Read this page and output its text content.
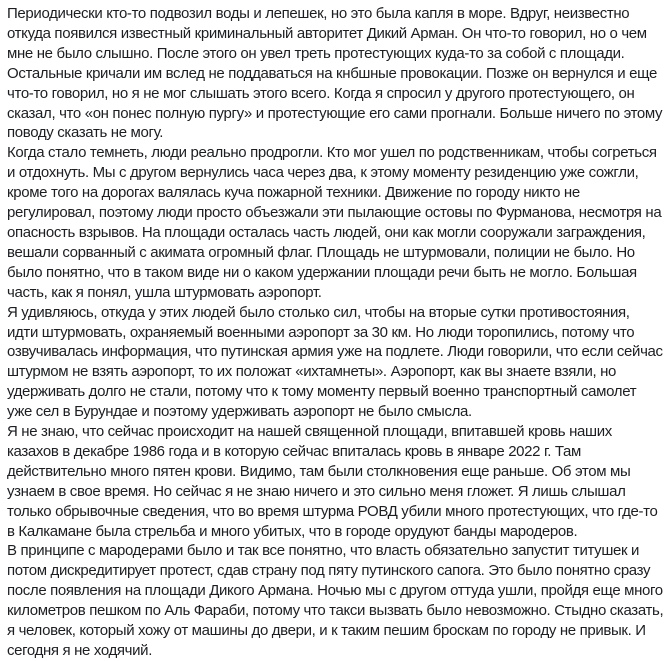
Периодически кто-то подвозил воды и лепешек, но это была капля в море. Вдруг, неизвестно откуда появился известный криминальный авторитет Дикий Арман. Он что-то говорил, но о чем мне не было слышно. После этого он увел треть протестующих куда-то за собой с площади. Остальные кричали им вслед не поддаваться на кнбшные провокации. Позже он вернулся и еще что-то говорил, но я не мог слышать этого всего. Когда я спросил у другого протестующего, он сказал, что «он понес полную пургу» и протестующие его сами прогнали. Больше ничего по этому поводу сказать не могу.

Когда стало темнеть, люди реально продрогли. Кто мог ушел по родственникам, чтобы согреться и отдохнуть. Мы с другом вернулись часа через два, к этому моменту резиденцию уже сожгли, кроме того на дорогах валялась куча пожарной техники. Движение по городу никто не регулировал, поэтому люди просто объезжали эти пылающие остовы по Фурманова, несмотря на опасность взрывов. На площади осталась часть людей, они как могли сооружали заграждения, вешали сорванный с акимата огромный флаг. Площадь не штурмовали, полиции не было. Но было понятно, что в таком виде ни о каком удержании площади речи быть не могло. Большая часть, как я понял, ушла штурмовать аэропорт.

Я удивляюсь, откуда у этих людей было столько сил, чтобы на вторые сутки противостояния, идти штурмовать, охраняемый военными аэропорт за 30 км. Но люди торопились, потому что озвучивалась информация, что путинская армия уже на подлете. Люди говорили, что если сейчас штурмом не взять аэропорт, то их положат «ихтамнеты». Аэропорт, как вы знаете взяли, но удерживать долго не стали, потому что к тому моменту первый военно транспортный самолет уже сел в Бурундае и поэтому удерживать аэропорт не было смысла.

Я не знаю, что сейчас происходит на нашей священной площади, впитавшей кровь наших казахов в декабре 1986 года и в которую сейчас впиталась кровь в январе 2022 г. Там действительно много пятен крови. Видимо, там были столкновения еще раньше. Об этом мы узнаем в свое время. Но сейчас я не знаю ничего и это сильно меня гложет. Я лишь слышал только обрывочные сведения, что во время штурма РОВД убили много протестующих, что где-то в Калкамане была стрельба и много убитых, что в городе орудуют банды мародеров.

В принципе с мародерами было и так все понятно, что власть обязательно запустит титушек и потом дискредитирует протест, сдав страну под пяту путинского сапога. Это было понятно сразу после появления на площади Дикого Армана. Ночью мы с другом оттуда ушли, пройдя еще много километров пешком по Аль Фараби, потому что такси вызвать было невозможно. Стыдно сказать, я человек, который хожу от машины до двери, и к таким пешим броскам по городу не привык. И сегодня я не ходячий.
